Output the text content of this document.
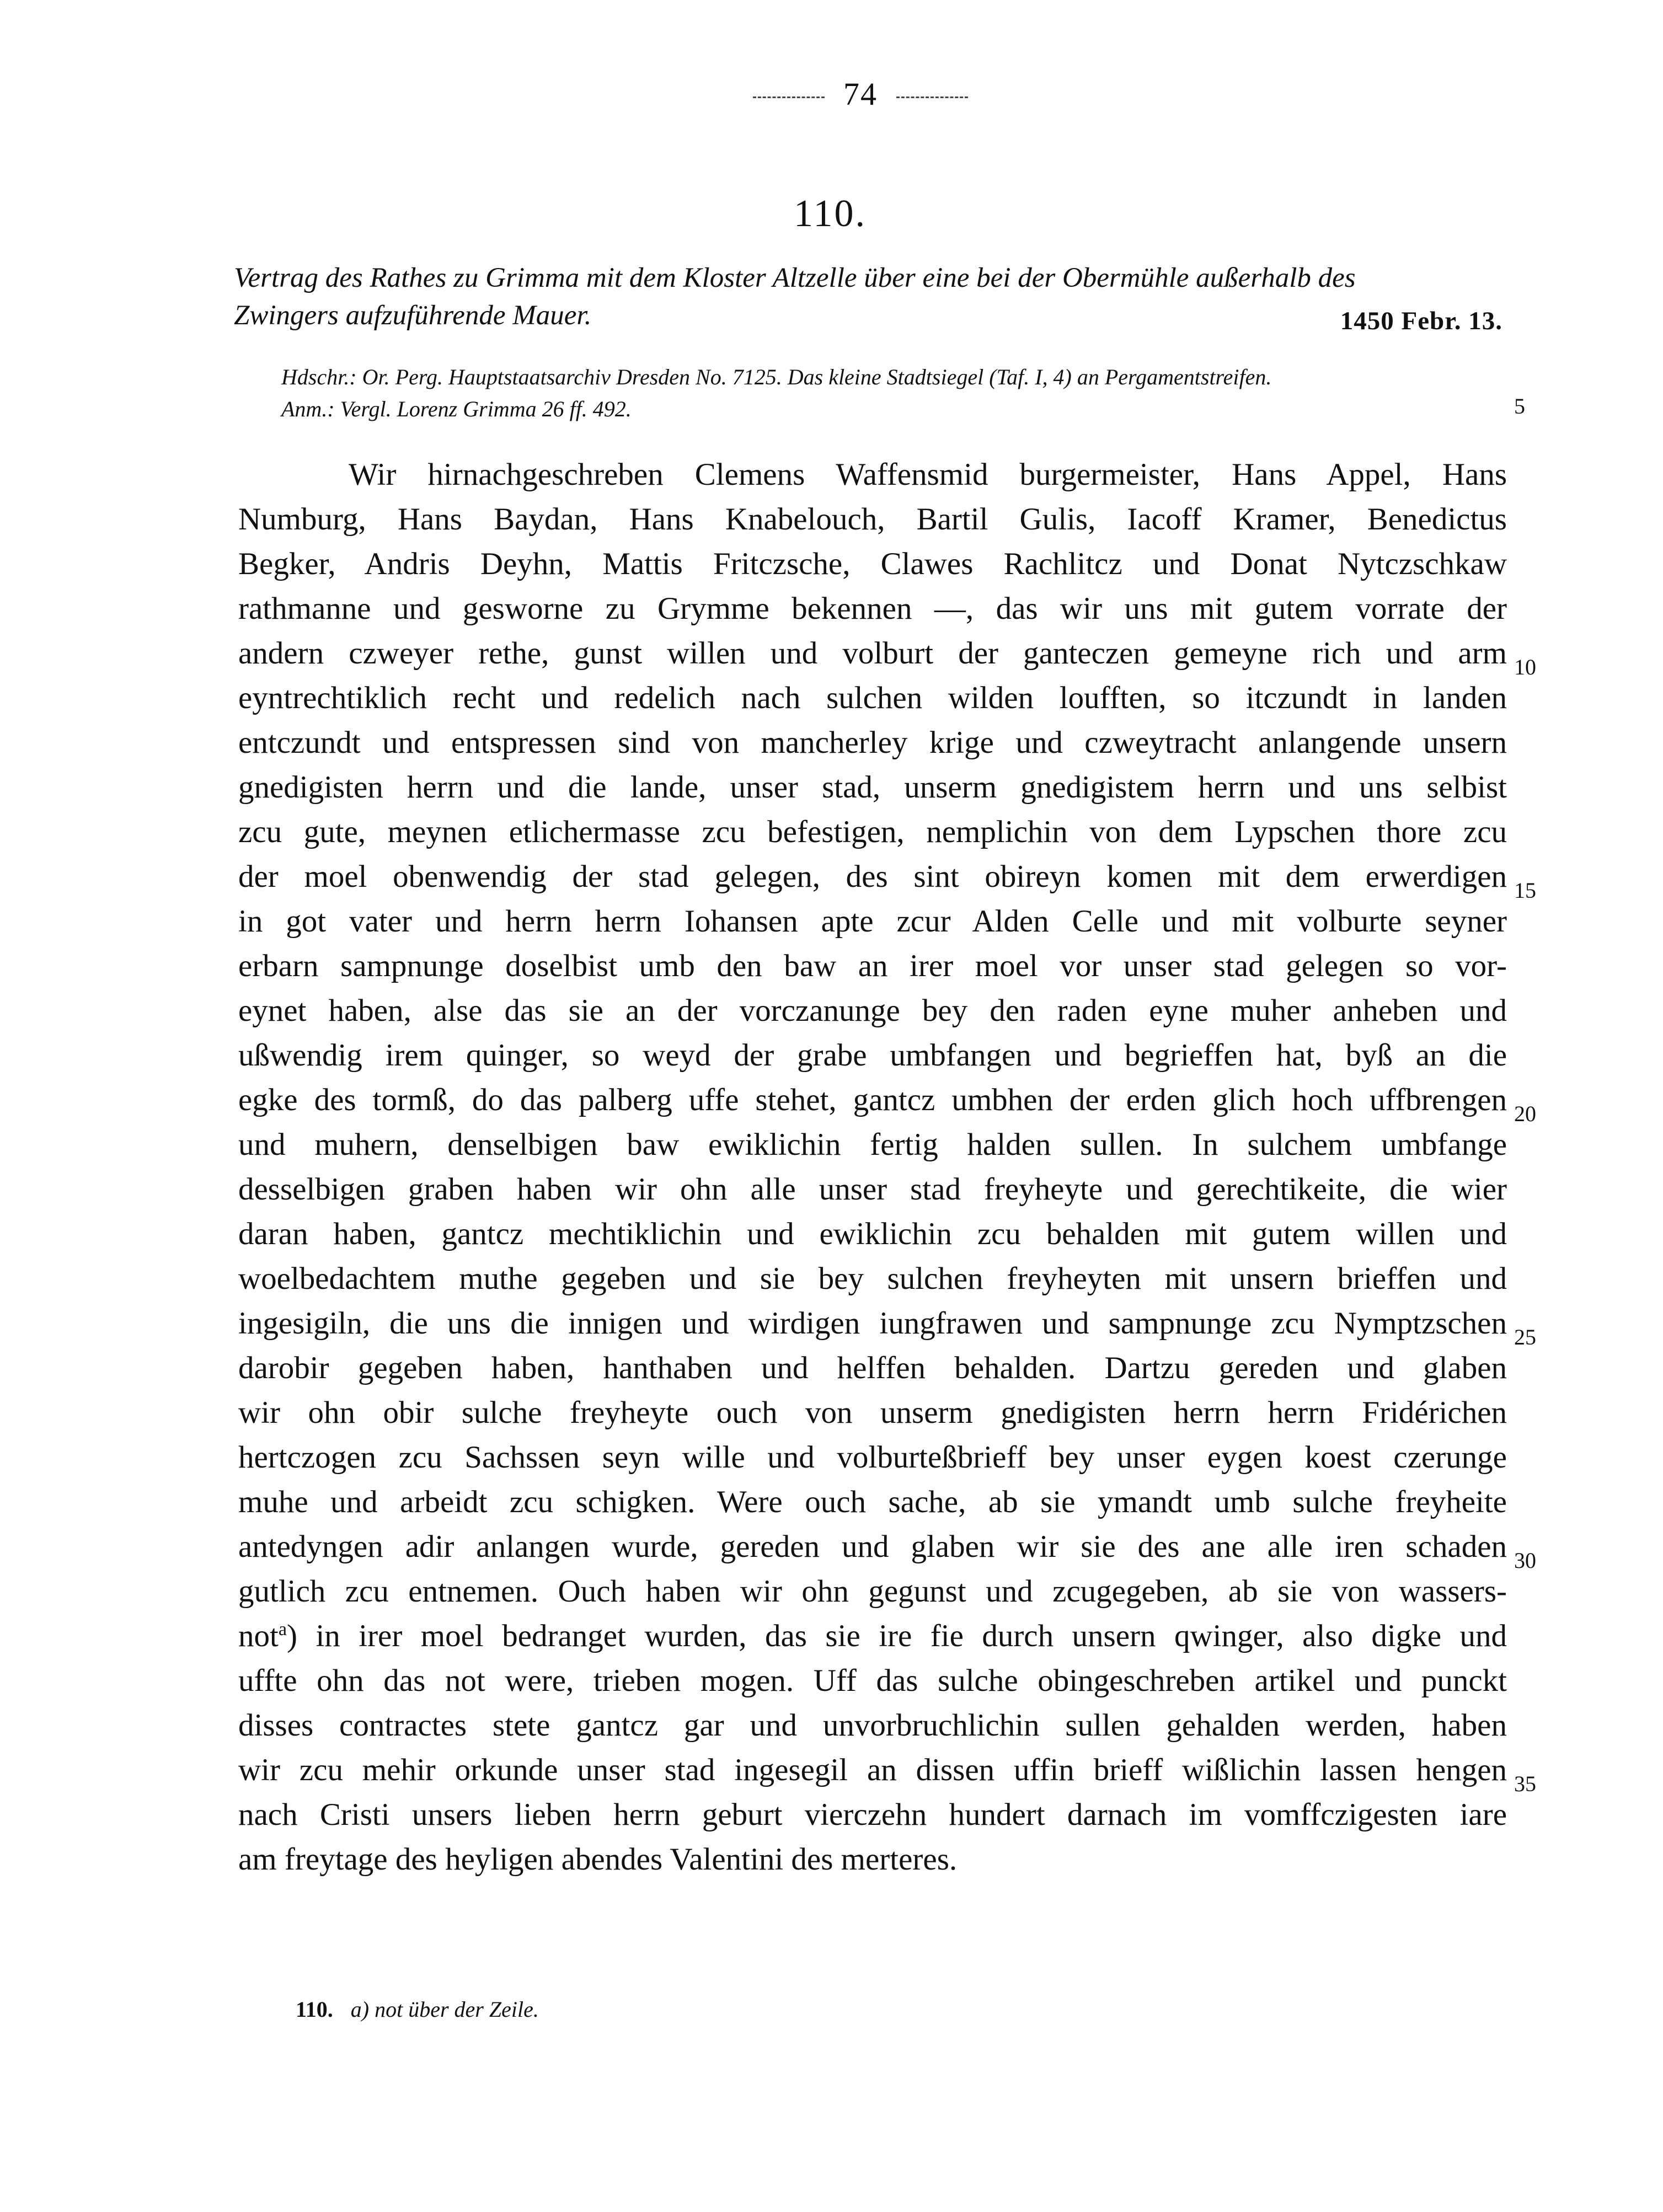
74
110.
Vertrag des Rathes zu Grimma mit dem Kloster Altzelle über eine bei der Obermühle außerhalb des
Zwingers aufzuführende Mauer.	1450 Febr. 13.
Hdschr.: Or. Perg. Hauptstaatsarchiv Dresden No. 7125. Das kleine Stadtsiegel (Taf. I, 4) an Pergamentstreifen.
Anm.: Vergl. Lorenz Grimma 26 ff. 492.	5
10
15
20
25
30
35
Wir hirnachgeschreben Clemens Waffensmid burgermeister, Hans Appel, Hans
Numburg, Hans Baydan, Hans Knabelouch, Bartil Gulis, Iacoff Kramer, Benedictus
Begker, Andris Deyhn, Mattis Fritczsche, Clawes Rachlitcz und Donat Nytczschkaw
rathmanne und gesworne zu Grymme bekennen —, das wir uns mit gutem vorrate der
andern czweyer rethe, gunst willen und volburt der ganteczen gemeyne rich und arm
eyntrechtiklich recht und redelich nach sulchen wilden loufften, so itczundt in landen
entczundt und entspressen sind von mancherley krige und czweytracht anlangende unsern
gnedigisten herrn und die lande, unser stad, unserm gnedigistem herrn und uns selbist
zcu gute, meynen etlichermasse zcu befestigen, nemplichin von dem Lypschen thore zcu
der moel obenwendig der stad gelegen, des sint obireyn komen mit dem erwerdigen
in got vater und herrn herrn Iohansen apte zcur Alden Celle und mit volburte seyner
erbarn sampnunge doselbist umb den baw an irer moel vor unser stad gelegen so vor-
eynet haben, alse das sie an der vorczanunge bey den raden eyne muher anheben und
ußwendig irem quinger, so weyd der grabe umbfangen und begrieffen hat, byß an die
egke des tormß, do das palberg uffe stehet, gantcz umbhen der erden glich hoch uffbrengen
und muhern, denselbigen baw ewiklichin fertig halden sullen. In sulchem umbfange
desselbigen graben haben wir ohn alle unser stad freyheyte und gerechtikeite, die wier
daran haben, gantcz mechtiklichin und ewiklichin zcu behalden mit gutem willen und
woelbedachtem muthe gegeben und sie bey sulchen freyheyten mit unsern brieffen und
ingesigiln, die uns die innigen und wirdigen iungfrawen und sampnunge zcu Nymptzschen
darobir gegeben haben, hanthaben und helffen behalden. Dartzu gereden und glaben
wir ohn obir sulche freyheyte ouch von unserm gnedigisten herrn herrn Fridérichen
hertczogen zcu Sachssen seyn wille und volburteßbrieff bey unser eygen koest czerunge
muhe und arbeidt zcu schigken. Were ouch sache, ab sie ymandt umb sulche freyheite
antedyngen adir anlangen wurde, gereden und glaben wir sie des ane alle iren schaden
gutlich zcu entnemen. Ouch haben wir ohn gegunst und zcugegeben, ab sie von wassers-
not$^a$) in irer moel bedranget wurden, das sie ire fie durch unsern qwinger, also digke und
uffte ohn das not were, trieben mogen. Uff das sulche obingeschreben artikel und punckt
disses contractes stete gantcz gar und unvorbruchlichin sullen gehalden werden, haben
wir zcu mehir orkunde unser stad ingesegil an dissen uffin brieff wißlichin lassen hengen
nach Cristi unsers lieben herrn geburt vierczehn hundert darnach im vomffczigesten iare
am freytage des heyligen abendes Valentini des merteres.
110. a) not über der Zeile.
